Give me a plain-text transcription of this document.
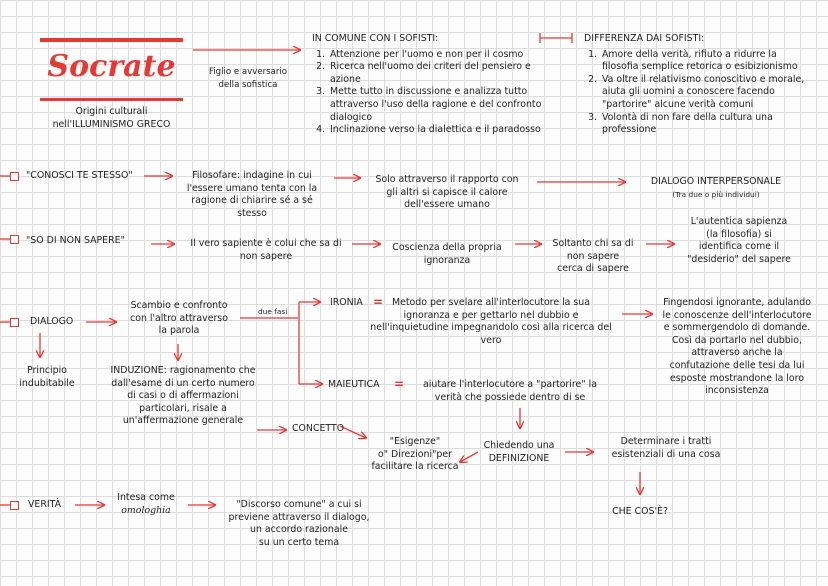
Socrate
Origini culturali
nell'ILLUMINISMO GRECO
Figlio e avversario
della sofistica
IN COMUNE CON I SOFISTI:
1. Attenzione per l'uomo e non per il cosmo
2. Ricerca nell'uomo dei criteri del pensiero e azione
3. Mette tutto in discussione e analizza tutto attraverso l'uso della ragione e del confronto dialogico
4. Inclinazione verso la dialettica e il paradosso
DIFFERENZA DAI SOFISTI:
1. Amore della verità, rifiuto a ridurre la filosofia semplice retorica o esibizionismo
2. Va oltre il relativismo conoscitivo e morale, aiuta gli uomini a conoscere facendo "partorire" alcune verità comuni
3. Volontà di non fare della cultura una professione
"CONOSCI TE STESSO"	Filosofare: indagine in cui
l'essere umano tenta con la
ragione di chiarire sé a sé
stesso
Solo attraverso il rapporto con
gli altri si capisce il calore
dell'essere umano
DIALOGO INTERPERSONALE
(Tra due o più individui)
"SO DI NON SAPERE"	Il vero sapiente è colui che sa di
non sapere
Coscienza della propria
ignoranza
Soltanto chi sa di
non sapere
cerca di sapere
L'autentica sapienza
(la filosofia) si
identifica come il
"desiderio" del sapere
DIALOGO
Principio
indubitabile
Scambio e confronto
con l'altro attraverso
la parola
due fasi
IRONIA = Metodo per svelare all'interlocutore la sua
ignoranza e per gettarlo nel dubbio e
nell'inquietudine impegnandolo così alla ricerca del
vero
Fingendosi ignorante, adulando
le conoscenze dell'interlocutore
e sommergendolo di domande.
Così da portarlo nel dubbio,
attraverso anche la
confutazione delle tesi da lui
esposte mostrandone la loro
inconsistenza
INDUZIONE: ragionamento che
dall'esame di un certo numero
di casi o di affermazioni
particolari, risale a
un'affermazione generale
MAIEUTICA =	aiutare l'interlocutore a "partorire" la
verità che possiede dentro di se
CONCETTO
"Esigenze"
o" Direzioni"per
facilitare la ricerca
Chiedendo una
DEFINIZIONE
Determinare i tratti
esistenziali di una cosa
CHE COS'È?
VERITÀ
Intesa come
omologhia
"Discorso comune" a cui si
previene attraverso il dialogo,
un accordo razionale
su un certo tema
